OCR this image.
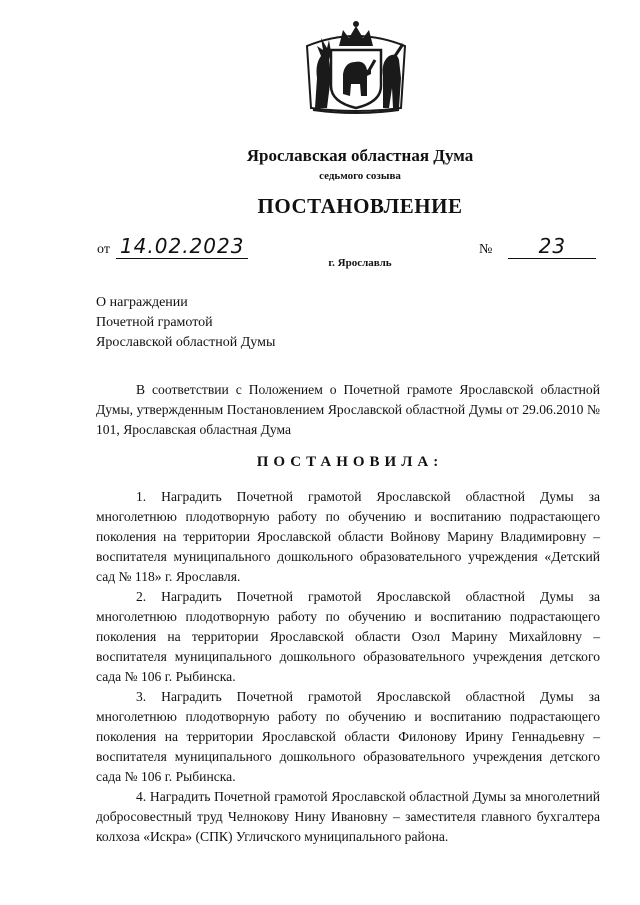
Ярославская областная Дума
седьмого созыва
ПОСТАНОВЛЕНИЕ
от 14.02.2023	№	23
г. Ярославль
О награждении
Почетной грамотой
Ярославской областной Думы
В соответствии с Положением о Почетной грамоте Ярославской областной Думы, утвержденным Постановлением Ярославской областной Думы от 29.06.2010 № 101, Ярославская областная Дума
ПОСТАНОВИЛА:

1. Наградить Почетной грамотой Ярославской областной Думы за многолетнюю плодотворную работу по обучению и воспитанию подрастающего поколения на территории Ярославской области Войнову Марину Владимировну – воспитателя муниципального дошкольного образовательного учреждения «Детский сад № 118» г. Ярославля.

2. Наградить Почетной грамотой Ярославской областной Думы за многолетнюю плодотворную работу по обучению и воспитанию подрастающего поколения на территории Ярославской области Озол Марину Михайловну – воспитателя муниципального дошкольного образовательного учреждения детского сада № 106 г. Рыбинска.

3. Наградить Почетной грамотой Ярославской областной Думы за многолетнюю плодотворную работу по обучению и воспитанию подрастающего поколения на территории Ярославской области Филонову Ирину Геннадьевну – воспитателя муниципального дошкольного образовательного учреждения детского сада № 106 г. Рыбинска.

4. Наградить Почетной грамотой Ярославской областной Думы за многолетний добросовестный труд Челнокову Нину Ивановну – заместителя главного бухгалтера колхоза «Искра» (СПК) Угличского муниципального района.
